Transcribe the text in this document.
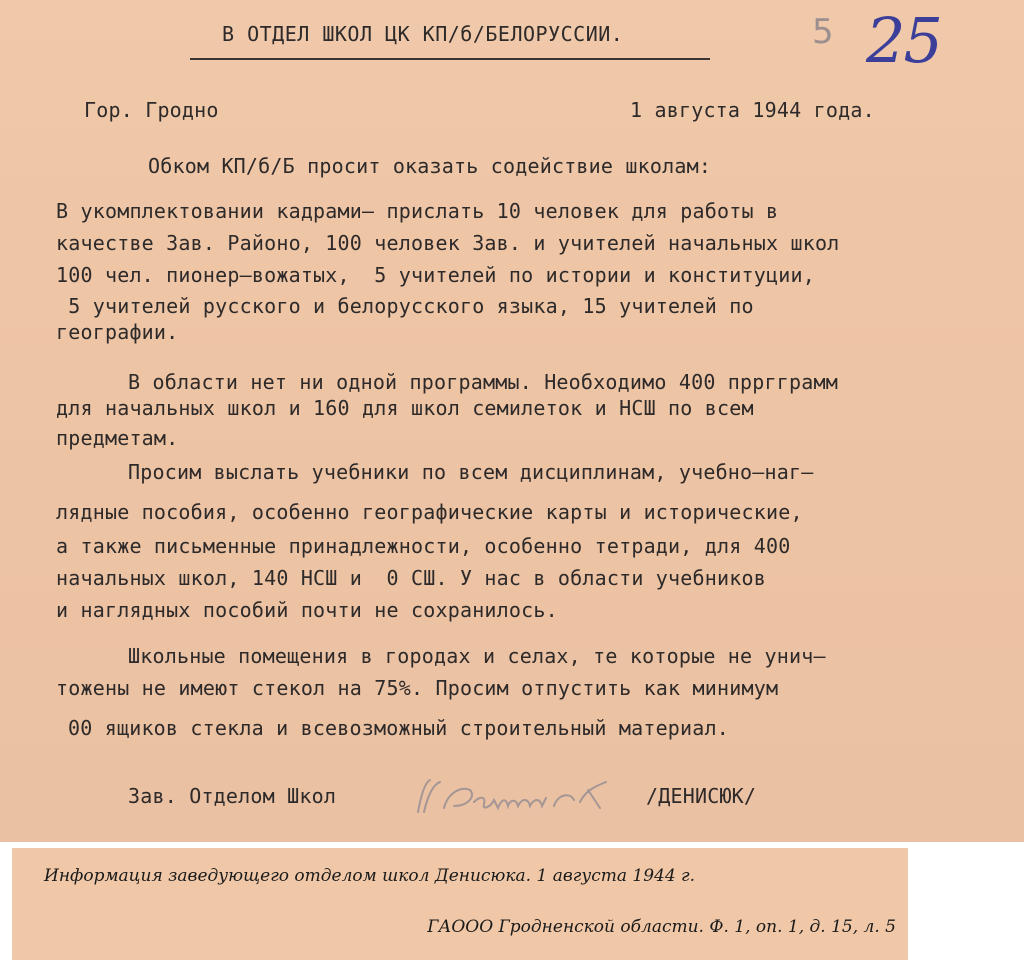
5 25
В ОТДЕЛ ШКОЛ ЦК КП/б/БЕЛОРУССИИ.
Гор. Гродно	1 августа 1944 года.
Обком КП/б/Б просит оказать содействие школам:
В укомплектовании кадрами– прислать 10 человек для работы в
качестве Зав. Районо, 100 человек Зав. и учителей начальных школ
100 чел. пионер–вожатых,  5 учителей по истории и конституции,
5 учителей русского и белорусского языка, 15 учителей по
географии.
В области нет ни одной программы. Необходимо 400 прргграмм
для начальных школ и 160 для школ семилеток и НСШ по всем
предметам.
Просим выслать учебники по всем дисциплинам, учебно–наг–
лядные пособия, особенно географические карты и исторические,
а также письменные принадлежности, особенно тетради, для 400
начальных школ, 140 НСШ и  0 СШ. У нас в области учебников
и наглядных пособий почти не сохранилось.
Школьные помещения в городах и селах, те которые не унич–
тожены не имеют стекол на 75%. Просим отпустить как минимум
00 ящиков стекла и всевозможный строительный материал.
Зав. Отделом Школ	/ДЕНИСЮК/
Информация заведующего отделом школ Денисюка. 1 августа 1944 г.
ГАООО Гродненской области. Ф. 1, оп. 1, д. 15, л. 5
